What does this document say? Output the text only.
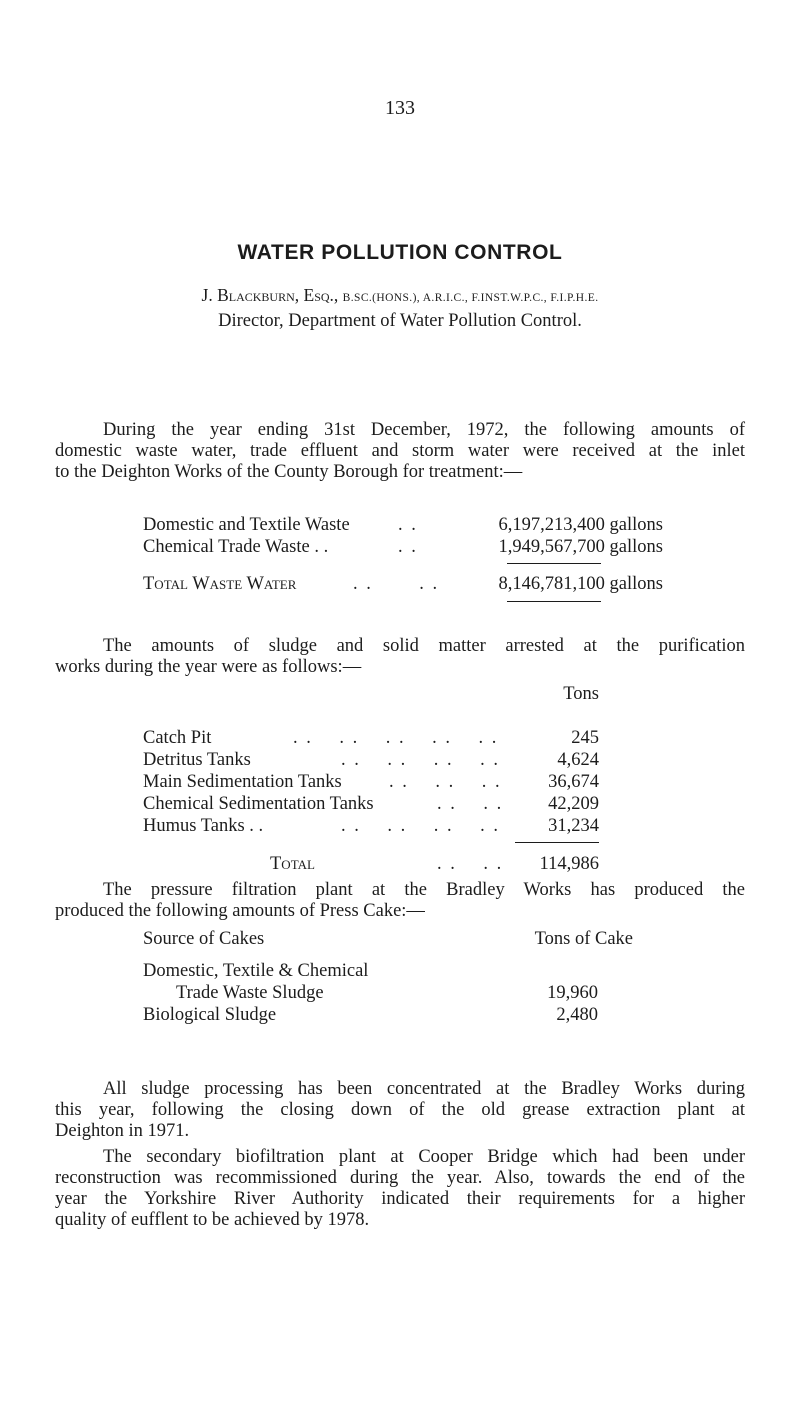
133
WATER POLLUTION CONTROL
J. Blackburn, Esq., B.SC.(HONS.), A.R.I.C., F.INST.W.P.C., F.I.P.H.E.
Director, Department of Water Pollution Control.
During the year ending 31st December, 1972, the following amounts of
domestic waste water, trade effluent and storm water were received at the inlet
to the Deighton Works of the County Borough for treatment:—
Domestic and Textile Waste	. .	6,197,213,400 gallons
Chemical Trade Waste . .	. .	1,949,567,700 gallons
Total Waste Water	. .       . .	8,146,781,100 gallons
The amounts of sludge and solid matter arrested at the purification
works during the year were as follows:—
Tons
Catch Pit	. .    . .    . .    . .    . .	245
Detritus Tanks	. .    . .    . .    . .	4,624
Main Sedimentation Tanks	. .    . .    . .	36,674
Chemical Sedimentation Tanks	. .    . . 42,209
Humus Tanks . .	. .    . .    . .    . .	31,234
Total	. .    . . 114,986
The pressure filtration plant at the Bradley Works has produced the
produced the following amounts of Press Cake:—
Source of Cakes	Tons of Cake
Domestic, Textile & Chemical
Trade Waste Sludge	19,960
Biological Sludge	2,480
All sludge processing has been concentrated at the Bradley Works during
this year, following the closing down of the old grease extraction plant at
Deighton in 1971.
The secondary biofiltration plant at Cooper Bridge which had been under
reconstruction was recommissioned during the year. Also, towards the end of the
year the Yorkshire River Authority indicated their requirements for a higher
quality of eufflent to be achieved by 1978.
